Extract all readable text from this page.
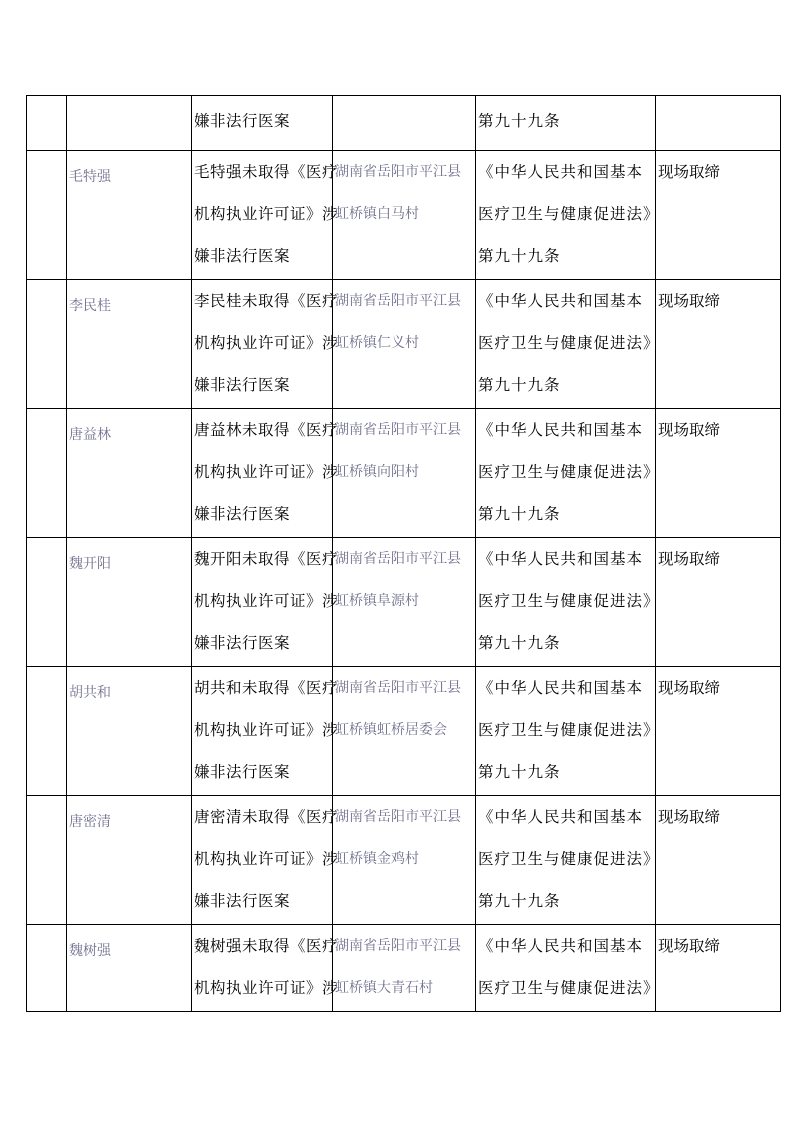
		嫌非法行医案		第九十九条	

	毛特强	毛特强未取得《医疗
机构执业许可证》涉
嫌非法行医案	湖南省岳阳市平江县
虹桥镇白马村	《中华人民共和国基本
医疗卫生与健康促进法》
第九十九条	现场取缔

	李民桂	李民桂未取得《医疗
机构执业许可证》涉
嫌非法行医案	湖南省岳阳市平江县
虹桥镇仁义村	《中华人民共和国基本
医疗卫生与健康促进法》
第九十九条	现场取缔

	唐益林	唐益林未取得《医疗
机构执业许可证》涉
嫌非法行医案	湖南省岳阳市平江县
虹桥镇向阳村	《中华人民共和国基本
医疗卫生与健康促进法》
第九十九条	现场取缔

	魏开阳	魏开阳未取得《医疗
机构执业许可证》涉
嫌非法行医案	湖南省岳阳市平江县
虹桥镇阜源村	《中华人民共和国基本
医疗卫生与健康促进法》
第九十九条	现场取缔

	胡共和	胡共和未取得《医疗
机构执业许可证》涉
嫌非法行医案	湖南省岳阳市平江县
虹桥镇虹桥居委会	《中华人民共和国基本
医疗卫生与健康促进法》
第九十九条	现场取缔

	唐密清	唐密清未取得《医疗
机构执业许可证》涉
嫌非法行医案	湖南省岳阳市平江县
虹桥镇金鸡村	《中华人民共和国基本
医疗卫生与健康促进法》
第九十九条	现场取缔

	魏树强	魏树强未取得《医疗
机构执业许可证》涉	湖南省岳阳市平江县
虹桥镇大青石村	《中华人民共和国基本
医疗卫生与健康促进法》	现场取缔
